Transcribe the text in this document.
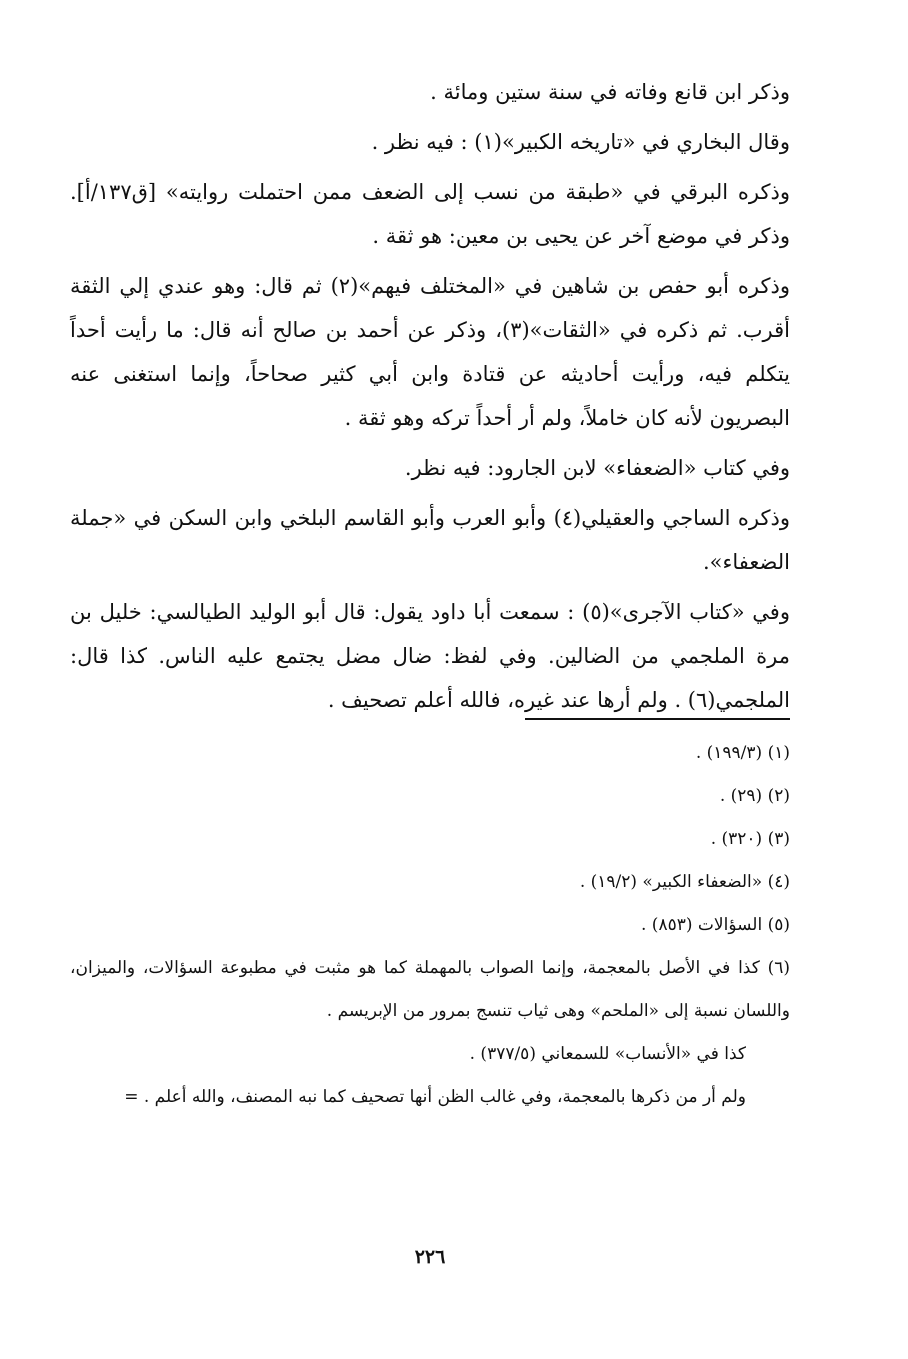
وذكر ابن قانع وفاته في سنة ستين ومائة .

وقال البخاري في «تاريخه الكبير»(١) : فيه نظر .

وذكره البرقي في «طبقة من نسب إلى الضعف ممن احتملت روايته» [ق١٣٧/أ]. وذكر في موضع آخر عن يحيى بن معين: هو ثقة .

وذكره أبو حفص بن شاهين في «المختلف فيهم»(٢) ثم قال: وهو عندي إلي الثقة أقرب. ثم ذكره في «الثقات»(٣)، وذكر عن أحمد بن صالح أنه قال: ما رأيت أحداً يتكلم فيه، ورأيت أحاديثه عن قتادة وابن أبي كثير صحاحاً، وإنما استغنى عنه البصريون لأنه كان خاملاً، ولم أر أحداً تركه وهو ثقة .

وفي كتاب «الضعفاء» لابن الجارود: فيه نظر.

وذكره الساجي والعقيلي(٤) وأبو العرب وأبو القاسم البلخي وابن السكن في «جملة الضعفاء».

وفي «كتاب الآجرى»(٥) : سمعت أبا داود يقول: قال أبو الوليد الطيالسي: خليل بن مرة الملجمي من الضالين. وفي لفظ: ضال مضل يجتمع عليه الناس. كذا قال: الملجمي(٦) . ولم أرها عند غيره، فالله أعلم تصحيف .

(١) (١٩٩/٣) .

(٢) (٢٩) .

(٣) (٣٢٠) .

(٤) «الضعفاء الكبير» (١٩/٢) .

(٥) السؤالات (٨٥٣) .

(٦) كذا في الأصل بالمعجمة، وإنما الصواب بالمهملة كما هو مثبت في مطبوعة السؤالات، والميزان، واللسان نسبة إلى «الملحم» وهى ثياب تنسج بمرور من الإبريسم .

كذا في «الأنساب» للسمعاني (٣٧٧/٥) .

ولم أر من ذكرها بالمعجمة، وفي غالب الظن أنها تصحيف كما نبه المصنف، والله أعلم . =

٢٢٦
